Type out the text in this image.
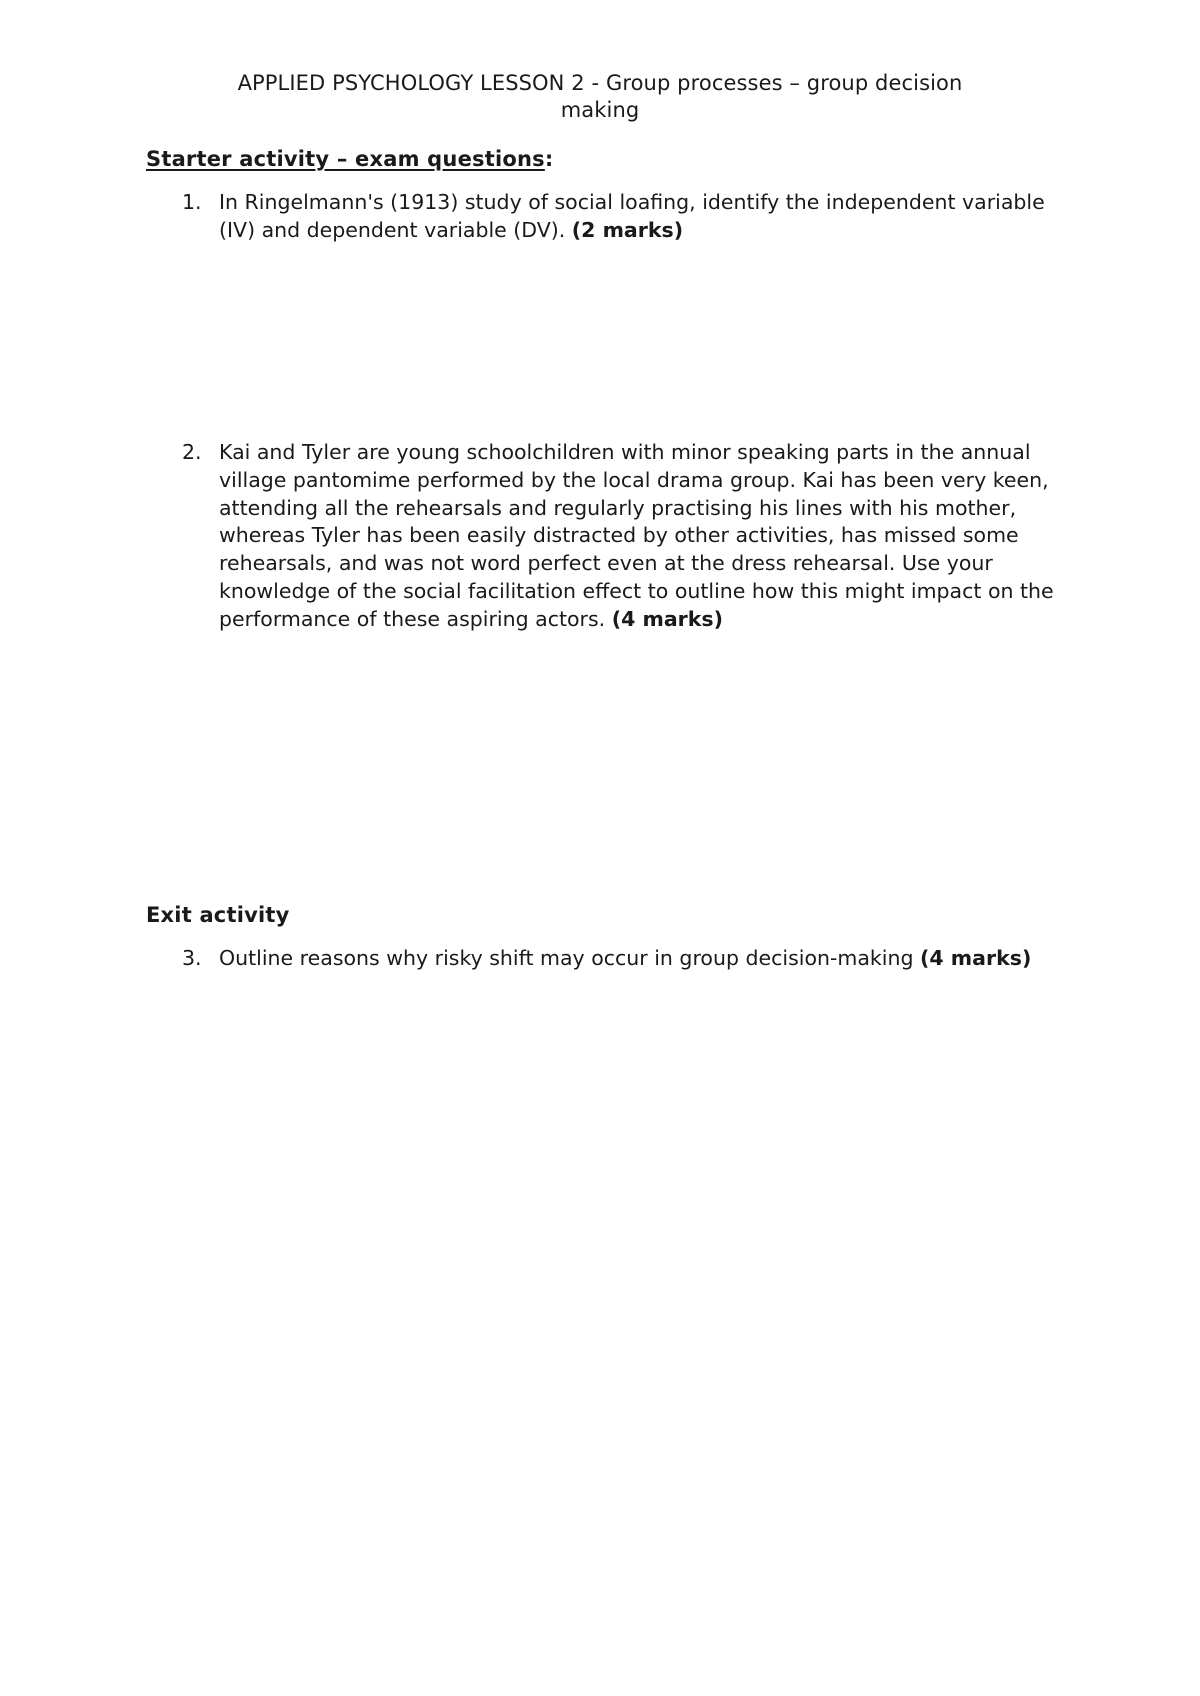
APPLIED PSYCHOLOGY LESSON 2 - Group processes – group decision
making
Starter activity – exam questions:
1. In Ringelmann's (1913) study of social loafing, identify the independent variable (IV) and dependent variable (DV). (2 marks)
2. Kai and Tyler are young schoolchildren with minor speaking parts in the annual village pantomime performed by the local drama group. Kai has been very keen, attending all the rehearsals and regularly practising his lines with his mother, whereas Tyler has been easily distracted by other activities, has missed some rehearsals, and was not word perfect even at the dress rehearsal. Use your knowledge of the social facilitation effect to outline how this might impact on the performance of these aspiring actors. (4 marks)
Exit activity
3. Outline reasons why risky shift may occur in group decision-making (4 marks)
